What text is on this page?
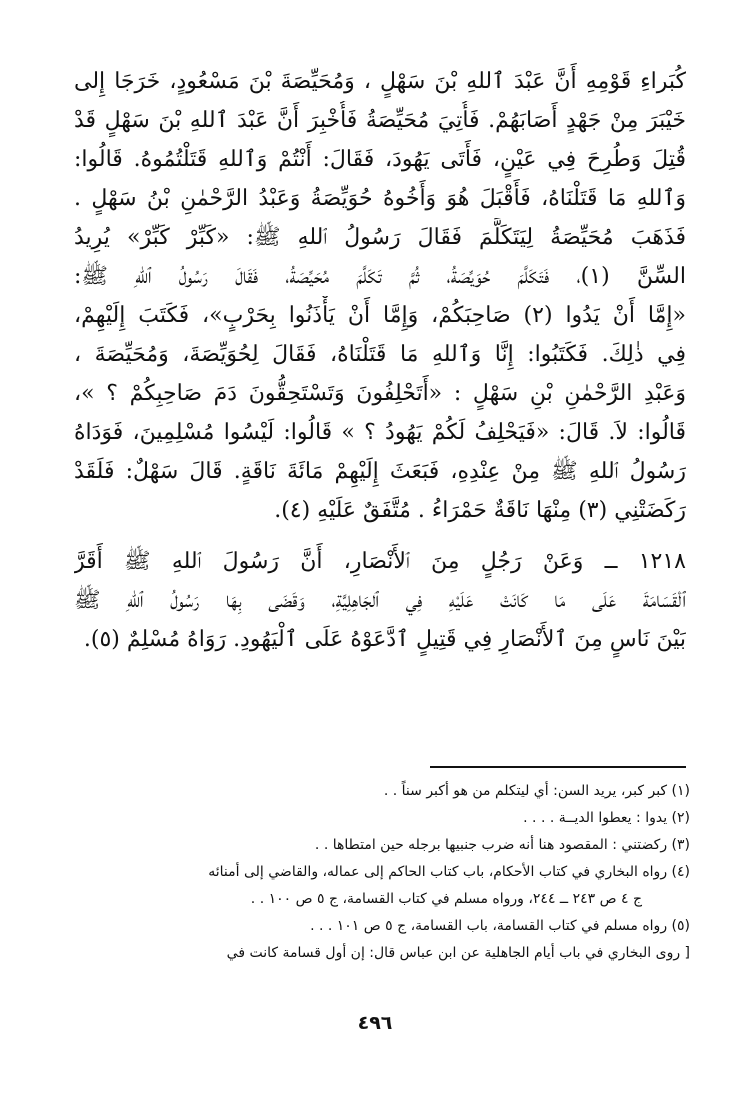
كُبَراءِ قَوْمِهِ أَنَّ عَبْدَ ٱللهِ بْنَ سَهْلٍ ، وَمُحَيِّصَةَ بْنَ مَسْعُودٍ، خَرَجَا إِلى
خَيْبَرَ مِنْ جَهْدٍ أَصَابَهُمْ. فَأُتِيَ مُحَيِّصَةُ فَأُخْبِرَ أَنَّ عَبْدَ ٱللهِ بْنَ سَهْلٍ قَدْ
قُتِلَ وَطُرِحَ فِي عَيْنٍ، فَأَتَى يَهُودَ، فَقَالَ: أَنْتُمْ وَٱللهِ قَتَلْتُمُوهُ. قَالُوا:
وَٱللهِ مَا قَتَلْنَاهُ، فَأَقْبَلَ هُوَ وَأَخُوهُ حُوَيِّصَةُ وَعَبْدُ الرَّحْمٰنِ بْنُ سَهْلٍ .
فَذَهَبَ مُحَيِّصَةُ لِيَتَكَلَّمَ فَقَالَ رَسُولُ ٱللهِ ﷺ: «كَبِّرْ كَبِّرْ» يُرِيدُ
السِّنَّ (١)، فَتَكَلَّمَ حُوَيِّصَةُ، ثُمَّ تَكَلَّمَ مُحَيِّصَةُ، فَقَالَ رَسُولُ ٱللهِ ﷺ:
«إِمَّا أَنْ يَدُوا (٢) صَاحِبَكُمْ، وَإِمَّا أَنْ يَأْذَنُوا بِحَرْبٍ»، فَكَتَبَ إِلَيْهِمْ،
فِي ذٰلِكَ. فَكَتَبُوا: إِنَّا وَٱللهِ مَا قَتَلْنَاهُ، فَقَالَ لِحُوَيِّصَةَ، وَمُحَيِّصَةَ ،
وَعَبْدِ الرَّحْمٰنِ بْنِ سَهْلٍ : «أَتَحْلِفُونَ وَتَسْتَحِقُّونَ دَمَ صَاحِبِكُمْ ؟ »،
قَالُوا: لاَ. قَالَ: «فَيَحْلِفُ لَكُمْ يَهُودُ ؟ » قَالُوا: لَيْسُوا مُسْلِمِينَ، فَوَدَاهُ
رَسُولُ ٱللهِ ﷺ مِنْ عِنْدِهِ، فَبَعَثَ إِلَيْهِمْ مَائَةَ نَاقَةٍ. قَالَ سَهْلٌ: فَلَقَدْ
رَكَضَتْنِي (٣) مِنْهَا نَاقَةٌ حَمْرَاءُ . مُتَّفَقٌ عَلَيْهِ (٤).
١٢١٨ ــ وَعَنْ رَجُلٍ مِنَ ٱلأَنْصَارِ، أَنَّ رَسُولَ ٱللهِ ﷺ أَقَرَّ
ٱلْقَسَامَةَ عَلَى مَا كَانَتْ عَلَيْهِ فِي ٱلجَاهِلِيَّةِ، وَقَضَى بِهَا رَسُولُ ٱللهِ ﷺ
بَيْنَ نَاسٍ مِنَ ٱلأَنْصَارِ فِي قَتِيلٍ ٱدَّعَوْهُ عَلَى ٱلْيَهُودِ. رَوَاهُ مُسْلِمٌ (٥).
(١) كبر كبر، يريد السن: أي ليتكلم من هو أكبر سناً . .
(٢) يدوا : يعطوا الديــة . . . .
(٣) ركضتني : المقصود هنا أنه ضرب جنبيها برجله حين امتطاها . .
(٤) رواه البخاري في كتاب الأحكام، باب كتاب الحاكم إلى عماله، والقاضي إلى أمنائه
ج ٤ ص ٢٤٣ ــ ٢٤٤، ورواه مسلم في كتاب القسامة، ج ٥ ص ١٠٠ . .
(٥) رواه مسلم في كتاب القسامة، باب القسامة، ج ٥ ص ١٠١ . . .
[ روى البخاري في باب أيام الجاهلية عن ابن عباس قال: إن أول قسامة كانت في
٤٩٦
